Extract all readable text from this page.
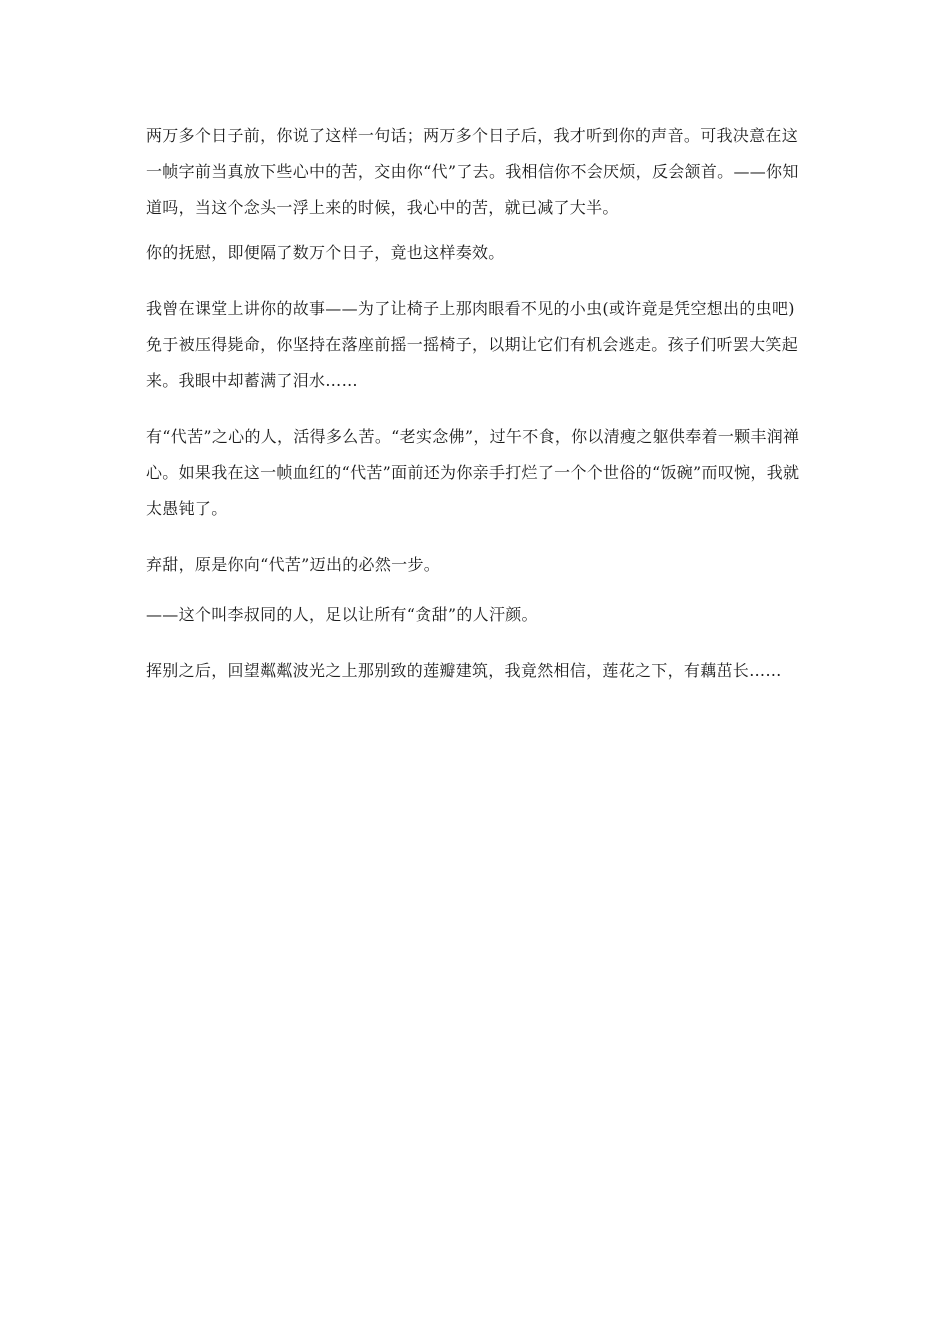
两万多个日子前，你说了这样一句话；两万多个日子后，我才听到你的声音。可我决意在这一帧字前当真放下些心中的苦，交由你“代”了去。我相信你不会厌烦，反会颔首。——你知道吗，当这个念头一浮上来的时候，我心中的苦，就已减了大半。

你的抚慰，即便隔了数万个日子，竟也这样奏效。

我曾在课堂上讲你的故事——为了让椅子上那肉眼看不见的小虫(或许竟是凭空想出的虫吧)免于被压得毙命，你坚持在落座前摇一摇椅子，以期让它们有机会逃走。孩子们听罢大笑起来。我眼中却蓄满了泪水……

有“代苦”之心的人，活得多么苦。“老实念佛”，过午不食，你以清瘦之躯供奉着一颗丰润禅心。如果我在这一帧血红的“代苦”面前还为你亲手打烂了一个个世俗的“饭碗”而叹惋，我就太愚钝了。

弃甜，原是你向“代苦”迈出的必然一步。

——这个叫李叔同的人，足以让所有“贪甜”的人汗颜。

挥别之后，回望粼粼波光之上那别致的莲瓣建筑，我竟然相信，莲花之下，有藕茁长……
